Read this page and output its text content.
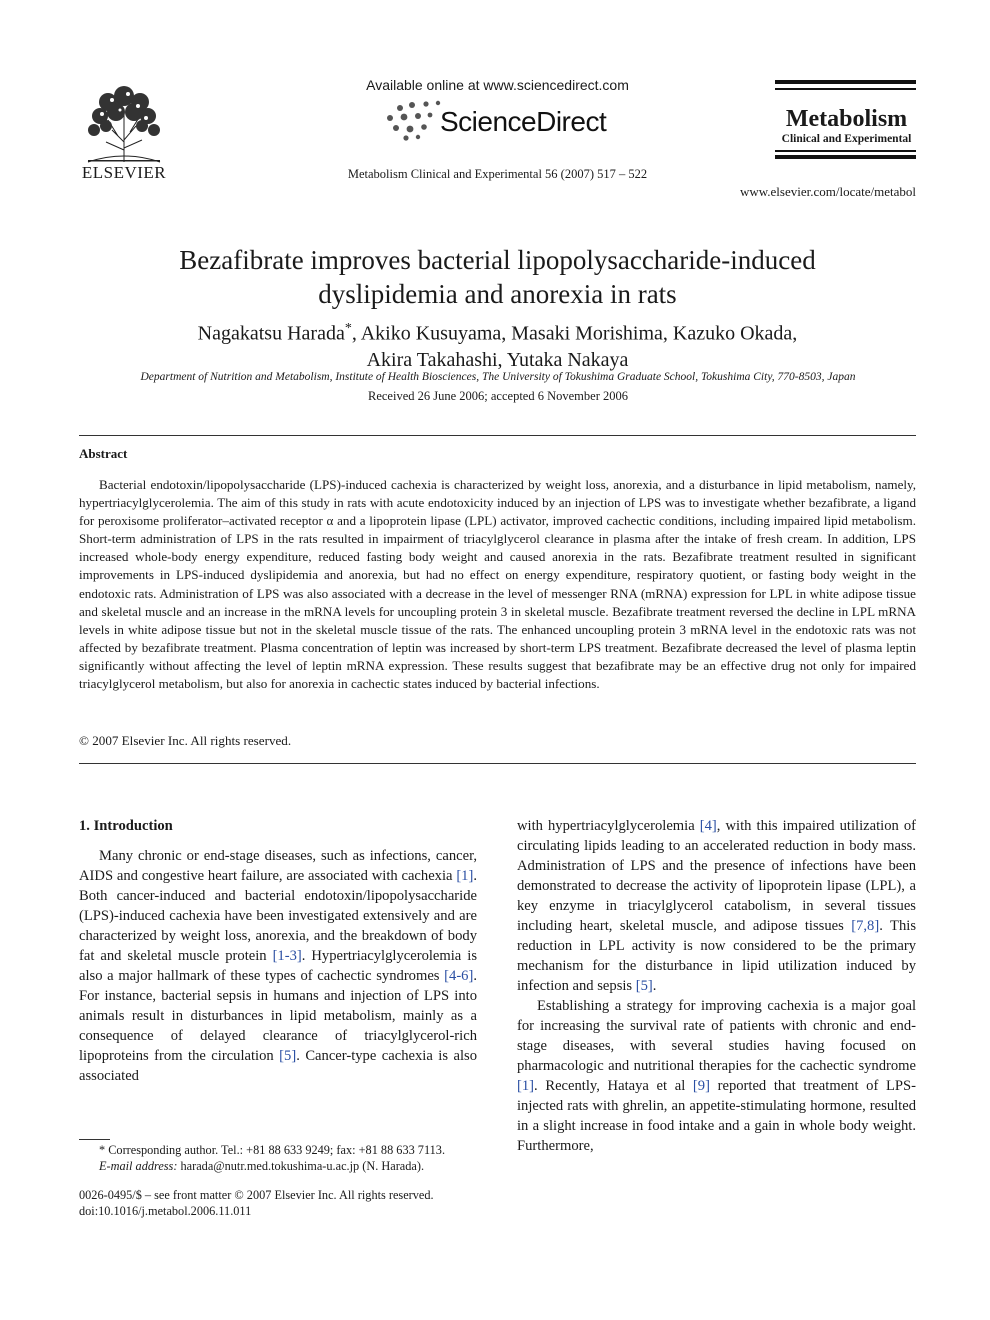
ELSEVIER
Available online at www.sciencedirect.com
ScienceDirect
Metabolism Clinical and Experimental 56 (2007) 517 – 522
Metabolism
Clinical and Experimental
www.elsevier.com/locate/metabol
Bezafibrate improves bacterial lipopolysaccharide-induced
dyslipidemia and anorexia in rats
Nagakatsu Harada*, Akiko Kusuyama, Masaki Morishima, Kazuko Okada,
Akira Takahashi, Yutaka Nakaya
Department of Nutrition and Metabolism, Institute of Health Biosciences, The University of Tokushima Graduate School, Tokushima City, 770-8503, Japan
Received 26 June 2006; accepted 6 November 2006
Abstract
Bacterial endotoxin/lipopolysaccharide (LPS)-induced cachexia is characterized by weight loss, anorexia, and a disturbance in lipid metabolism, namely, hypertriacylglycerolemia. The aim of this study in rats with acute endotoxicity induced by an injection of LPS was to investigate whether bezafibrate, a ligand for peroxisome proliferator–activated receptor α and a lipoprotein lipase (LPL) activator, improved cachectic conditions, including impaired lipid metabolism. Short-term administration of LPS in the rats resulted in impairment of triacylglycerol clearance in plasma after the intake of fresh cream. In addition, LPS increased whole-body energy expenditure, reduced fasting body weight and caused anorexia in the rats. Bezafibrate treatment resulted in significant improvements in LPS-induced dyslipidemia and anorexia, but had no effect on energy expenditure, respiratory quotient, or fasting body weight in the endotoxic rats. Administration of LPS was also associated with a decrease in the level of messenger RNA (mRNA) expression for LPL in white adipose tissue and skeletal muscle and an increase in the mRNA levels for uncoupling protein 3 in skeletal muscle. Bezafibrate treatment reversed the decline in LPL mRNA levels in white adipose tissue but not in the skeletal muscle tissue of the rats. The enhanced uncoupling protein 3 mRNA level in the endotoxic rats was not affected by bezafibrate treatment. Plasma concentration of leptin was increased by short-term LPS treatment. Bezafibrate decreased the level of plasma leptin significantly without affecting the level of leptin mRNA expression. These results suggest that bezafibrate may be an effective drug not only for impaired triacylglycerol metabolism, but also for anorexia in cachectic states induced by bacterial infections.
© 2007 Elsevier Inc. All rights reserved.
1. Introduction

Many chronic or end-stage diseases, such as infections, cancer, AIDS and congestive heart failure, are associated with cachexia [1]. Both cancer-induced and bacterial endotoxin/lipopolysaccharide (LPS)-induced cachexia have been investigated extensively and are characterized by weight loss, anorexia, and the breakdown of body fat and skeletal muscle protein [1-3]. Hypertriacylglycerolemia is also a major hallmark of these types of cachectic syndromes [4-6]. For instance, bacterial sepsis in humans and injection of LPS into animals result in disturbances in lipid metabolism, mainly as a consequence of delayed clearance of triacylglycerol-rich lipoproteins from the circulation [5]. Cancer-type cachexia is also associated

with hypertriacylglycerolemia [4], with this impaired utilization of circulating lipids leading to an accelerated reduction in body mass. Administration of LPS and the presence of infections have been demonstrated to decrease the activity of lipoprotein lipase (LPL), a key enzyme in triacylglycerol catabolism, in several tissues including heart, skeletal muscle, and adipose tissues [7,8]. This reduction in LPL activity is now considered to be the primary mechanism for the disturbance in lipid utilization induced by infection and sepsis [5].

Establishing a strategy for improving cachexia is a major goal for increasing the survival rate of patients with chronic and end-stage diseases, with several studies having focused on pharmacologic and nutritional therapies for the cachectic syndrome [1]. Recently, Hataya et al [9] reported that treatment of LPS-injected rats with ghrelin, an appetite-stimulating hormone, resulted in a slight increase in food intake and a gain in whole body weight. Furthermore,

* Corresponding author. Tel.: +81 88 633 9249; fax: +81 88 633 7113.
E-mail address: harada@nutr.med.tokushima-u.ac.jp (N. Harada).
0026-0495/$ – see front matter © 2007 Elsevier Inc. All rights reserved.
doi:10.1016/j.metabol.2006.11.011
